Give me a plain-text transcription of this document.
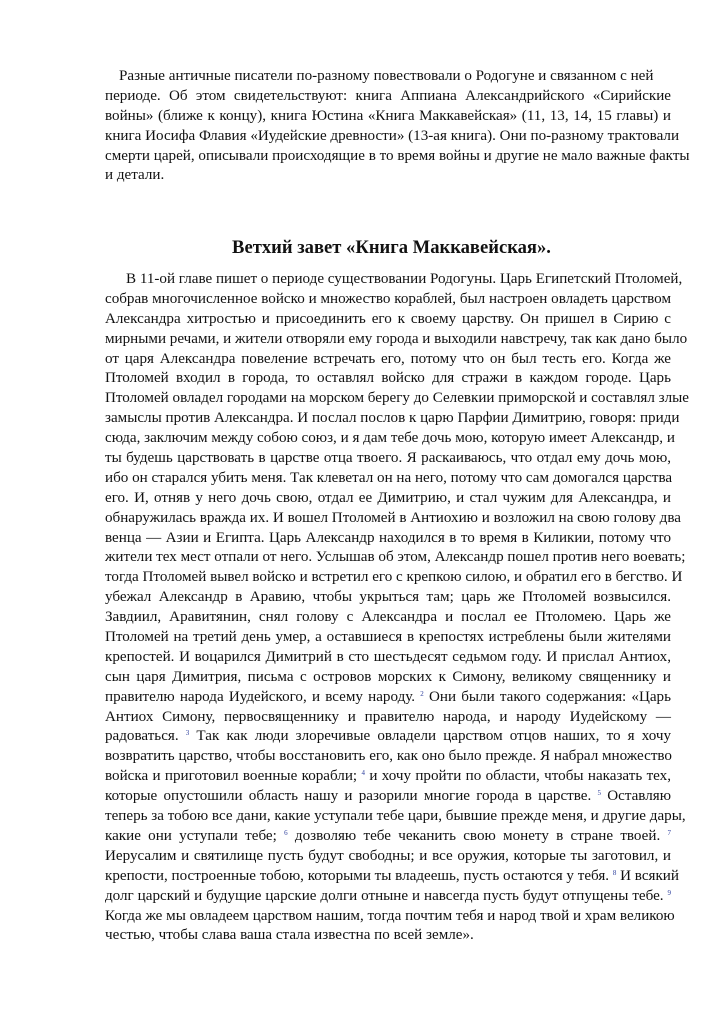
Разные античные писатели по-разному повествовали о Родогуне и связанном с ней
периоде. Об этом свидетельствуют: книга Аппиана Александрийского «Сирийские
войны» (ближе к концу), книга Юстина «Книга Маккавейская» (11, 13, 14, 15 главы) и
книга Иосифа Флавия «Иудейские древности» (13-ая книга). Они по-разному трактовали
смерти царей, описывали происходящие в то время войны и другие не мало важные факты
и детали.
Ветхий завет «Книга Маккавейская».
В 11-ой главе пишет о периоде существовании Родогуны. Царь Египетский Птоломей,
собрав многочисленное войско и множество кораблей, был настроен овладеть царством
Александра хитростью и присоединить его к своему царству. Он пришел в Сирию с
мирными речами, и жители отворяли ему города и выходили навстречу, так как дано было
от царя Александра повеление встречать его, потому что он был тесть его. Когда же
Птоломей входил в города, то оставлял войско для стражи в каждом городе. Царь
Птоломей овладел городами на морском берегу до Селевкии приморской и составлял злые
замыслы против Александра. И послал послов к царю Парфии Димитрию, говоря: приди
сюда, заключим между собою союз, и я дам тебе дочь мою, которую имеет Александр, и
ты будешь царствовать в царстве отца твоего. Я раскаиваюсь, что отдал ему дочь мою,
ибо он старался убить меня. Так клеветал он на него, потому что сам домогался царства
его. И, отняв у него дочь свою, отдал ее Димитрию, и стал чужим для Александра, и
обнаружилась вражда их. И вошел Птоломей в Антиохию и возложил на свою голову два
венца — Азии и Египта. Царь Александр находился в то время в Киликии, потому что
жители тех мест отпали от него. Услышав об этом, Александр пошел против него воевать;
тогда Птоломей вывел войско и встретил его с крепкою силою, и обратил его в бегство. И
убежал Александр в Аравию, чтобы укрыться там; царь же Птоломей возвысился.
Завдиил, Аравитянин, снял голову с Александра и послал ее Птоломею. Царь же
Птоломей на третий день умер, а оставшиеся в крепостях истреблены были жителями
крепостей. И воцарился Димитрий в сто шестьдесят седьмом году. И прислал Антиох,
сын царя Димитрия, письма с островов морских к Симону, великому священнику и
правителю народа Иудейского, и всему народу. $^2$ Они были такого содержания: «Царь
Антиох Симону, первосвященнику и правителю народа, и народу Иудейскому —
радоваться. $^3$ Так как люди злоречивые овладели царством отцов наших, то я хочу
возвратить царство, чтобы восстановить его, как оно было прежде. Я набрал множество
войска и приготовил военные корабли; $^4$ и хочу пройти по области, чтобы наказать тех,
которые опустошили область нашу и разорили многие города в царстве. $^5$ Оставляю
теперь за тобою все дани, какие уступали тебе цари, бывшие прежде меня, и другие дары,
какие они уступали тебе; $^6$ дозволяю тебе чеканить свою монету в стране твоей. $^7$
Иерусалим и святилище пусть будут свободны; и все оружия, которые ты заготовил, и
крепости, построенные тобою, которыми ты владеешь, пусть остаются у тебя. $^8$ И всякий
долг царский и будущие царские долги отныне и навсегда пусть будут отпущены тебе. $^9$
Когда же мы овладеем царством нашим, тогда почтим тебя и народ твой и храм великою
честью, чтобы слава ваша стала известна по всей земле».
